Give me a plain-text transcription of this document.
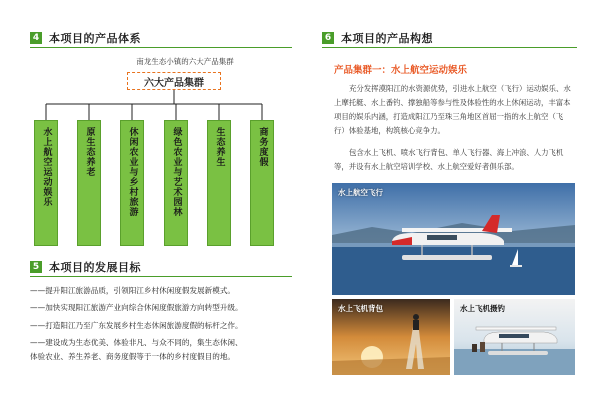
4 本项目的产品体系
南龙生态小镇的六大产品集群
六大产品集群
水上航空运动娱乐	原生态养老	休闲农业与乡村旅游	绿色农业与艺术园林	生态养生	商务度假
5 本项目的发展目标
——提升阳江旅游品质，引领阳江乡村休闲度假发展新模式。
——加快实现阳江旅游产业向综合休闲度假旅游方向转型升级。
——打造阳江乃至广东发展乡村生态休闲旅游度假的标杆之作。
——建设成为生态优美、体验非凡、与众不同的，集生态休闲、
体验农业、养生养老、商务度假等于一体的乡村度假目的地。
6 本项目的产品构想
产品集群一：水上航空运动娱乐
充分发挥漠阳江的水资源优势，引进水上航空（飞行）运动娱乐、水上摩托艇、水上番钓、撑独船等参与性及体验性的水上休闲运动，丰富本项目的娱乐内涵，打造成阳江乃至珠三角地区首屈一指的水上航空（飞行）体验基地，构筑核心竞争力。
包含水上飞机、喷水飞行背包、单人飞行器、海上冲浪、人力飞机等，并设有水上航空培训学校、水上航空爱好者俱乐部。
水上航空飞行
水上飞机背包	水上飞机摄钓
